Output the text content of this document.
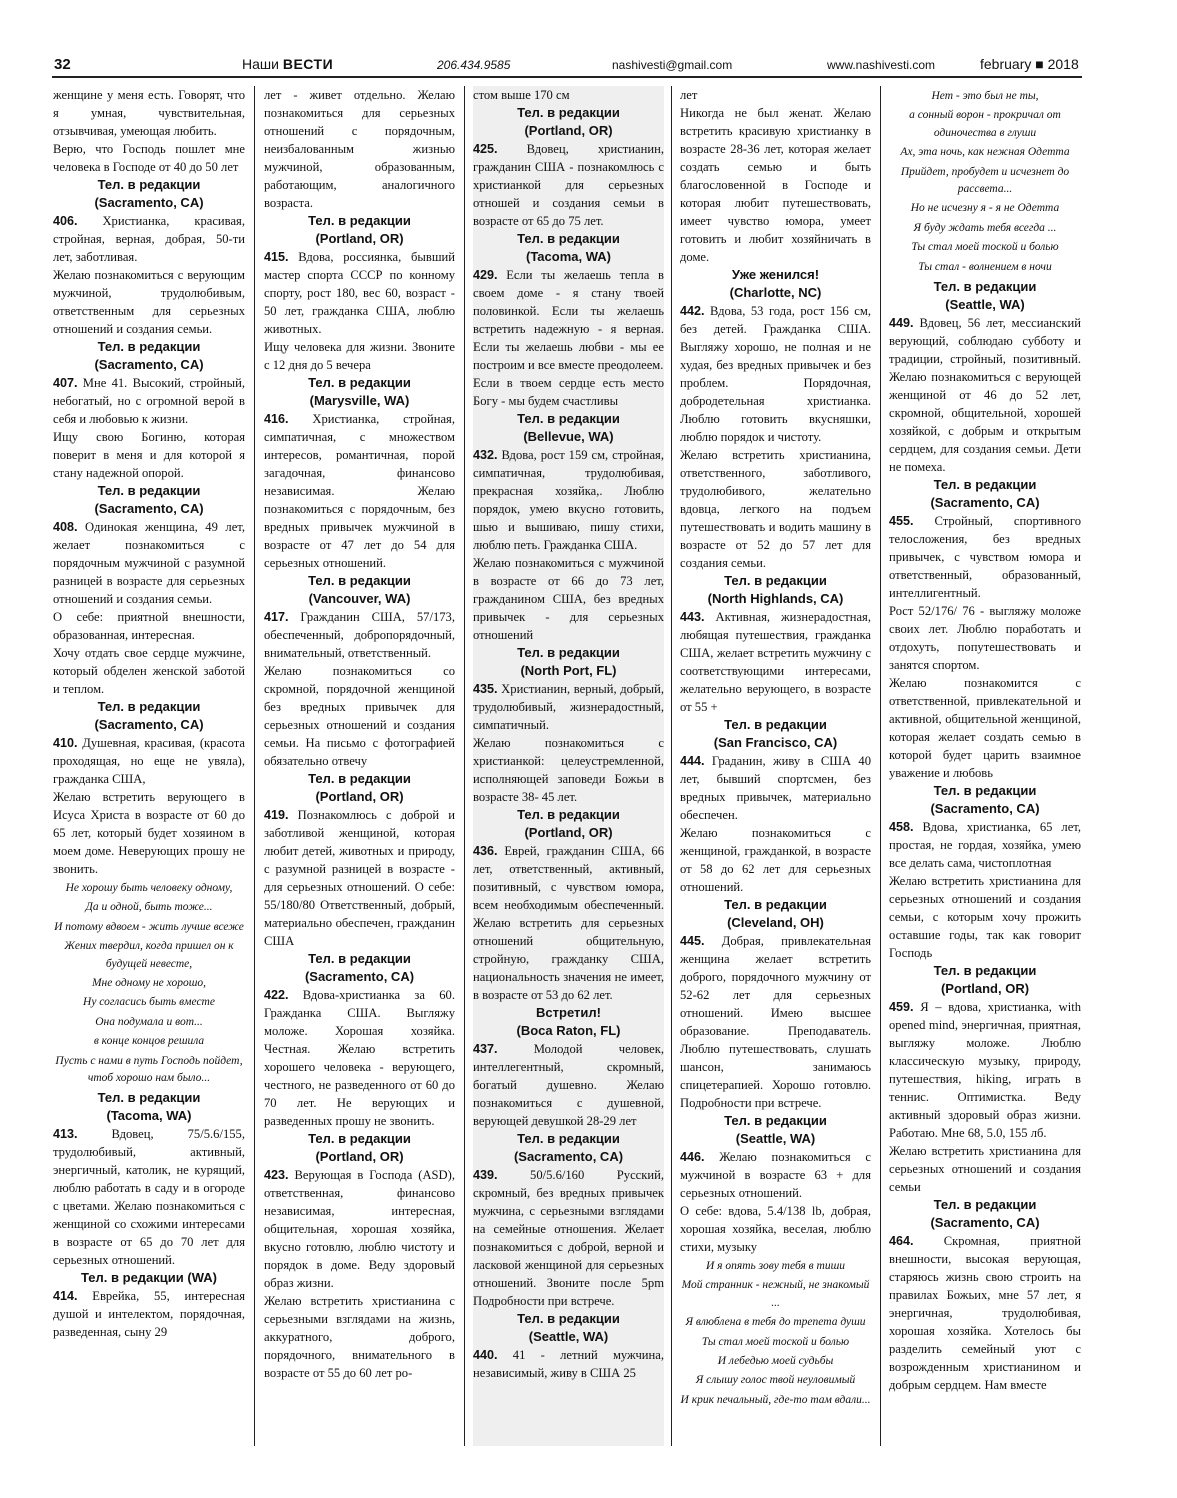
32	Наши ВЕСТИ	206.434.9585	nashivesti@gmail.com	www.nashivesti.com	february ■ 2018

женщине у меня есть. Говорят, что я умная, чувствительная, отзывчивая, умеющая любить.

Верю, что Господь пошлет мне человека в Господе от 40 до 50 лет

Тел. в редакции
(Sacramento, CA)

406. Христианка, красивая, стройная, верная, добрая, 50-ти лет, заботливая.

Желаю познакомиться с верующим мужчиной, трудолюбивым, ответственным для серьезных отношений и создания семьи.

Тел. в редакции
(Sacramento, CA)

407. Мне 41. Высокий, стройный, небогатый, но с огромной верой в себя и любовью к жизни.

Ищу свою Богиню, которая поверит в меня и для которой я стану надежной опорой.

Тел. в редакции
(Sacramento, CA)

408. Одинокая женщина, 49 лет, желает познакомиться с порядочным мужчиной с разумной разницей в возрасте для серьезных отношений и создания семьи.

О себе: приятной внешности, образованная, интересная.

Хочу отдать свое сердце мужчине, который обделен женской заботой и теплом.

Тел. в редакции
(Sacramento, CA)

410. Душевная, красивая, (красота проходящая, но еще не увяла), гражданка США,

Желаю встретить верующего в Исуса Христа в возрасте от 60 до 65 лет, который будет хозяином в моем доме. Неверующих прошу не звонить.

Не хорошу быть человеку одному,
Да и одной, быть тоже...
И потому вдвоем - жить лучше всеже
Жених твердил, когда пришел он к будущей невесте,
Мне одному не хорошо,
Ну согласись быть вместе
Она подумала и вот...
в конце концов решила
Пусть с нами в путь Господь пойдет, чтоб хорошо нам было...
Тел. в редакции
(Tacoma, WA)

413.	Вдовец, 75/5.6/155, трудолюбивый, активный, энергичный, католик, не курящий, люблю работать в саду и в огороде с цветами. Желаю познакомиться с женщиной со схожими интересами в возрасте от 65 до 70 лет для серьезных отношений.

Тел. в редакции (WA)

414. Еврейка, 55, интересная душой и интелектом, порядочная, разведенная, сыну 29

лет - живет отдельно. Желаю познакомиться для серьезных отношений с порядочным, неизбалованным жизнью мужчиной, образованным, работающим, аналогичного возраста.

Тел. в редакции
(Portland, OR)

415. Вдова, россиянка, бывший мастер спорта СССР по конному спорту, рост 180, вес 60, возраст - 50 лет, гражданка США, люблю животных.

Ищу человека для жизни. Звоните с 12 дня до 5 вечера

Тел. в редакции
(Marysville, WA)

416. Христианка, стройная, симпатичная, с множеством интересов, романтичная, порой загадочная, финансово независимая. Желаю познакомиться с порядочным, без вредных привычек мужчиной в возрасте от 47 лет до 54 для серьезных отношений.

Тел. в редакции
(Vancouver, WA)

417. Гражданин США, 57/173, обеспеченный, добропорядочный, внимательный, ответственный.

Желаю познакомиться со скромной, порядочной женщиной без вредных привычек для серьезных отношений и создания семьи. На письмо с фотографией обязательно отвечу

Тел. в редакции
(Portland, OR)

419. Познакомлюсь с доброй и заботливой женщиной, которая любит детей, животных и природу, с разумной разницей в возрасте - для серьезных отношений. О себе: 55/180/80 Ответственный, добрый, материально обеспечен, гражданин США

Тел. в редакции
(Sacramento, CA)

422. Вдова-христианка за 60. Гражданка США. Выгляжу моложе. Хорошая хозяйка. Честная. Желаю встретить хорошего человека - верующего, честного, не разведенного от 60 до 70 лет. Не верующих и разведенных прошу не звонить.

Тел. в редакции
(Portland, OR)

423. Верующая в Господа (ASD), ответственная, финансово независимая, интересная, общительная, хорошая хозяйка, вкусно готовлю, люблю чистоту и порядок в доме. Веду здоровый образ жизни.

Желаю встретить христианина с серьезными взглядами на жизнь, аккуратного, доброго, порядочного, внимательного в возрасте от 55 до 60 лет ро-

стом выше 170 см

Тел. в редакции
(Portland, OR)

425. Вдовец, христианин, гражданин США - познакомлюсь с христианкой для серьезных отношей и создания семьи в возрасте от 65 до 75 лет.

Тел. в редакции
(Tacoma, WA)

429. Если ты желаешь тепла в своем доме - я стану твоей половинкой. Если ты желаешь встретить надежную - я верная. Если ты желаешь любви - мы ее построим и все вместе преодолеем.

Если в твоем сердце есть место Богу - мы будем счастливы

Тел. в редакции
(Bellevue, WA)

432. Вдова, рост 159 см, стройная, симпатичная, трудолюбивая, прекрасная хозяйка,. Люблю порядок, умею вкусно готовить, шью и вышиваю, пишу стихи, люблю петь. Гражданка США.

Желаю познакомиться с мужчиной в возрасте от 66 до 73 лет, гражданином США, без вредных привычек - для серьезных отношений

Тел. в редакции
(North Port, FL)

435. Христианин, верный, добрый, трудолюбивый, жизнерадостный, симпатичный.

Желаю познакомиться с христианкой: целеустремленной, исполняющей заповеди Божьи в возрасте 38- 45 лет.

Тел. в редакции
(Portland, OR)

436. Еврей, гражданин США, 66 лет, ответственный, активный, позитивный, с чувством юмора, всем необходимым обеспеченный. Желаю встретить для серьезных отношений общительную, стройную, гражданку США, национальность значения не имеет, в возрасте от 53 до 62 лет.

Встретил!
(Boca Raton, FL)

437.	Молодой человек, интеллегентный, скромный, богатый душевно. Желаю познакомиться с душевной, верующей девушкой 28-29 лет

Тел. в редакции
(Sacramento, CA)

439.	50/5.6/160 Русский, скромный, без вредных привычек мужчина, с серьезными взглядами на семейные отношения. Желает познакомиться с доброй, верной и ласковой женщиной для серьезных отношений. Звоните после 5pm Подробности при встрече.

Тел. в редакции
(Seattle, WA)

440. 41 - летний мужчина, независимый, живу в США 25

лет

Никогда не был женат. Желаю встретить красивую христианку в возрасте 28-36 лет, которая желает создать семью и быть благословенной в Господе и которая любит путешествовать, имеет чувство юмора, умеет готовить и любит хозяйничать в доме.

Уже женился!
(Charlotte, NC)

442. Вдова, 53 года, рост 156 см, без детей. Гражданка США. Выгляжу хорошо, не полная и не худая, без вредных привычек и без проблем. Порядочная, добродетельная христианка. Люблю готовить вкусняшки, люблю порядок и чистоту.

Желаю встретить христианина, ответственного, заботливого, трудолюбивого, желательно вдовца, легкого на подъем путешествовать и водить машину в возрасте от 52 до 57 лет для создания семьи.

Тел. в редакции
(North Highlands, CA)

443. Активная, жизнерадостная, любящая путешествия, гражданка США, желает встретить мужчину с соответствующими интересами, желательно верующего, в возрасте от 55 +

Тел. в редакции
(San Francisco, CA)

444. Граданин, живу в США 40 лет, бывший спортсмен, без вредных привычек, материально обеспечен.

Желаю познакомиться с женщиной, гражданкой, в возрасте от 58 до 62 лет для серьезных отношений.

Тел. в редакции
(Cleveland, OH)

445. Добрая, привлекательная женщина желает встретить доброго, порядочного мужчину от 52-62 лет для серьезных отношений. Имею высшее образование. Преподаватель. Люблю путешествовать, слушать шансон, занимаюсь спицетерапией. Хорошо готовлю. Подробности при встрече.

Тел. в редакции
(Seattle, WA)

446. Желаю познакомиться с мужчиной в возрасте 63 + для серьезных отношений.

О себе: вдова, 5.4/138 lb, добрая, хорошая хозяйка, веселая, люблю стихи, музыку

И я опять зову тебя в тиши
Мой странник - нежный, не знакомый ...
Я влюблена в тебя до трепета души
Ты стал моей тоской и болью
И лебедью моей судьбы
Я слышу голос твой неуловимый
И крик печальный, где-то там вдали...
Нет - это был не ты,
а сонный ворон - прокричал от одиночества в глуши
Ах, эта ночь, как нежная Одетта
Прийдет, пробудет и исчезнет до рассвета...
Но не исчезну я - я не Одетта
Я буду ждать тебя всегда ...
Ты стал моей тоской и болью
Ты стал - волнением в ночи
Тел. в редакции
(Seattle, WA)

449. Вдовец, 56 лет, мессианский верующий, соблюдаю субботу и традиции, стройный, позитивный. Желаю познакомиться с верующей женщиной от 46 до 52 лет, скромной, общительной, хорошей хозяйкой, с добрым и открытым сердцем, для создания семьи. Дети не помеха.

Тел. в редакции
(Sacramento, CA)

455. Стройный, спортивного телосложения, без вредных привычек, с чувством юмора и ответственный, образованный, интеллигентный.

Рост 52/176/ 76 - выгляжу моложе своих лет. Люблю поработать и отдохуть, попутешествовать и занятся спортом.

Желаю познакомится с ответственной, привлекательной и активной, общительной женщиной, которая желает создать семью в которой будет царить взаимное уважение и любовь

Тел. в редакции
(Sacramento, CA)

458. Вдова, христианка, 65 лет, простая, не гордая, хозяйка, умею все делать сама, чистоплотная

Желаю встретить христианина для серьезных отношений и создания семьи, с которым хочу прожить оставшие годы, так как говорит Господь

Тел. в редакции
(Portland, OR)

459. Я – вдова, христианка, with opened mind, энергичная, приятная, выгляжу моложе. Люблю классическую музыку, природу, путешествия, hiking, играть в теннис. Оптимистка. Веду активный здоровый образ жизни. Работаю. Мне 68, 5.0, 155 лб.

Желаю встретить христианина для серьезных отношений и создания семьи

Тел. в редакции
(Sacramento, CA)

464. Скромная, приятной внешности, высокая верующая, старяюсь жизнь свою строить на правилах Божьих, мне 57 лет, я энергичная, трудолюбивая, хорошая хозяйка. Хотелось бы разделить семейный уют с возрожденным христианином и добрым сердцем. Нам вместе
